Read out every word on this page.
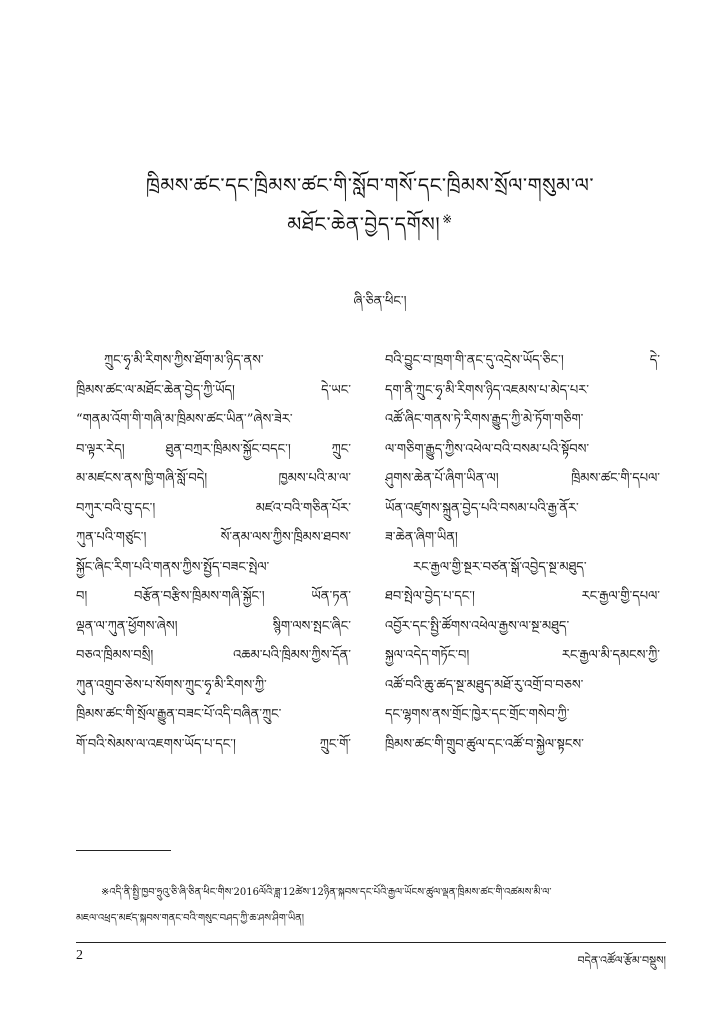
ཁྲིམས་ཚང་དང་ཁྲིམས་ཚང་གི་སློབ་གསོ་དང་ཁྲིམས་སྲོལ་གསུམ་ལ་
མཐོང་ཆེན་བྱེད་དགོས། ※
ཞི་ཅིན་ཕིང་།
ཀྲུང་ཧྭ་མི་རིགས་ཀྱིས་ཐོག་མ་ཉིད་ནས་
ཁྲིམས་ཚང་ལ་མཐོང་ཆེན་བྱེད་ཀྱི་ཡོད། དེ་ཡང་
“གནམ་འོག་གི་གཞི་མ་ཁྲིམས་ཚང་ཡིན་”ཞེས་ཟེར་
བ་ལྟར་རེད། ཐུན་བཀྲར་ཁྲིམས་སྐྱོང་བདང་། ཀྲུང་
མ་མཛངས་ནས་ཁྱི་གཞི་སློ་བདེ། ཁྱམས་པའི་མ་ལ་
བཀུར་བའི་བུ་དང་། མཛའ་བའི་གཅིན་པོར་
ཀུན་པའི་གཙུང་། སོ་ནམ་ལས་ཀྱིས་ཁྲིམས་ཐབས་
སྐྱོང་ཞིང་རིག་པའི་གནས་ཀྱིས་སྤྱོད་བཟང་སྤེལ་
བ། བརྩོན་བརྩིས་ཁྲིམས་གཞི་སྐྱོང་། ཡོན་ཏན་
ལྡན་ལ་ཀུན་ཕྱོགས་ཞེས། སྙིག་ལས་སྤང་ཞིང་
བཅའ་ཁྲིམས་བསྲི། འཆམ་པའི་ཁྲིམས་ཀྱིས་དོན་
ཀུན་འགྲུབ་ཅེས་པ་སོགས་ཀྲུང་ཧྭ་མི་རིགས་ཀྱི་
ཁྲིམས་ཚང་གི་སྲོལ་རྒྱུན་བཟང་པོ་འདི་བཞིན་ཀྲུང་
གོ་བའི་སེམས་ལ་འཇགས་ཡོད་པ་དང་། ཀྲུང་གོ་
བའི་བྱུང་བ་ཁྲག་གི་ནང་དུ་འདྲེས་ཡོད་ཅིང་། དེ་
དག་ནི་ཀྲུང་ཧྭ་མི་རིགས་ཉིད་འཇམས་པ་མེད་པར་
འཚོ་ཞིང་གནས་ཏེ་རིགས་རྒྱུད་ཀྱི་མེ་ཏོག་གཅིག་
ལ་གཅིག་རྒྱུད་ཀྱིས་འཕེལ་བའི་བསམ་པའི་སྟོབས་
ཤུགས་ཆེན་པོ་ཞིག་ཡིན་ལ། ཁྲིམས་ཚང་གི་དཔལ་
ཡོན་འཛུགས་སྐྲུན་བྱེད་པའི་བསམ་པའི་རྒྱ་ནོར་
ཟ་ཆེན་ཞིག་ཡིན།
རང་རྒྱལ་གྱི་སྔར་བཙན་སྒོ་འབྱེད་སྔ་མཐུད་
ཐབ་སྤེལ་བྱེད་པ་དང་། རང་རྒྱལ་གྱི་དཔལ་
འབྱོར་དང་སྤྱི་ཚོགས་འཕེལ་རྒྱས་ལ་སྔ་མཐུད་
སྐྱལ་འདེད་གཏོང་བ། རང་རྒྱལ་མི་དམངས་ཀྱི་
འཚོ་བའི་ཆུ་ཚད་སྔ་མཐུད་མཐོ་རུ་འགྲོ་བ་བཅས་
དང་ལྷགས་ནས་གྲོང་ཁྱེར་དང་གྲོང་གསེབ་ཀྱི་
ཁྲིམས་ཚང་གི་གྲུབ་ཚུལ་དང་འཚོ་བ་སྐྱེལ་སྟངས་
※འདི་ནི་སྤྱི་ཁྱབ་ཧྲུའུ་ཅི་ཞི་ཅིན་ཕིང་གིས་2016ལོའི་ཟླ་12ཚེས་12ཉིན་སྐབས་དང་པོའི་རྒྱལ་ཡོངས་ཚུལ་ལྡན་ཁྲིམས་ཚང་གི་འཚམས་མི་ལ་
མཇལ་འཕྲད་མཛད་སྐབས་གནང་བའི་གསུང་བཤད་ཀྱི་ཆ་ཤས་ཤིག་ཡིན།
2	བདེན་འཚོལ་རྩོམ་བསྡུས།
